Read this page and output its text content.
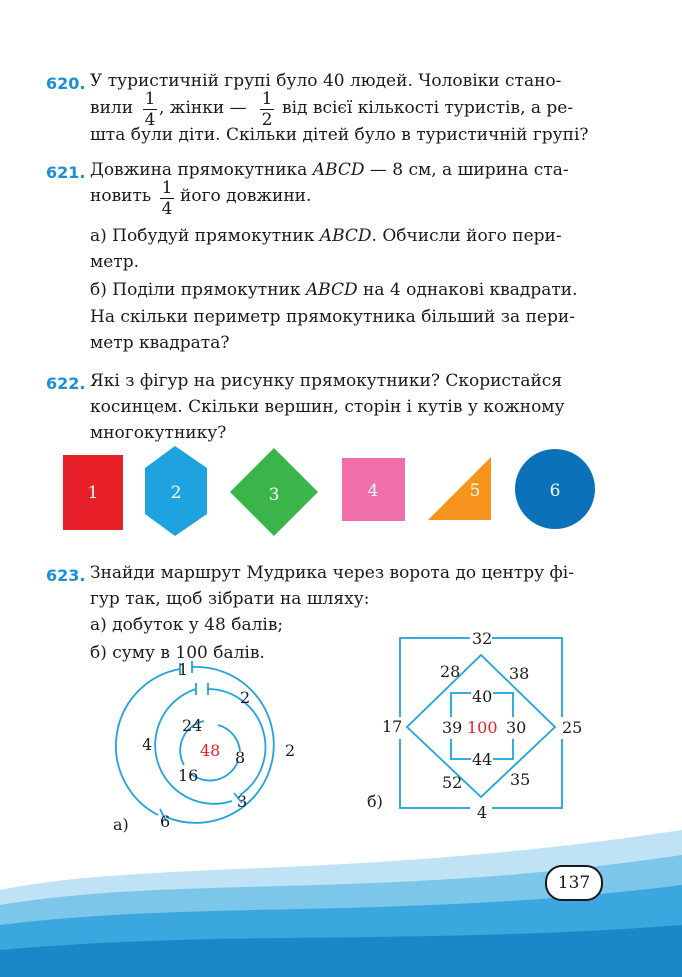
620. У туристичній групі було 40 людей. Чоловіки стано-
вили $\frac{1}{4}$ , жінки — $\frac{1}{2}$ від всієї кількості туристів, а ре-
шта були діти. Скільки дітей було в туристичній групі?
621. Довжина прямокутника ABCD — 8 см, а ширина ста-
новить $\frac{1}{4}$ його довжини.
а) Побудуй прямокутник ABCD. Обчисли його пери-
метр.
б) Поділи прямокутник ABCD на 4 однакові квадрати.
На скільки периметр прямокутника більший за пери-
метр квадрата?
622. Які з фігур на рисунку прямокутники? Скористайся
косинцем. Скільки вершин, сторін і кутів у кожному
многокутнику?
1	2	3	4	5	6
623. Знайди маршрут Мудрика через ворота до центру фі-
гур так, щоб зібрати на шляху:
а) добуток у 48 балів;
б) суму в 100 балів.
1
2
4	2
24
8
16
3
6
48
а)
32
28	38
40
17 39	30 25
44
52	35
4
100
б)
137
